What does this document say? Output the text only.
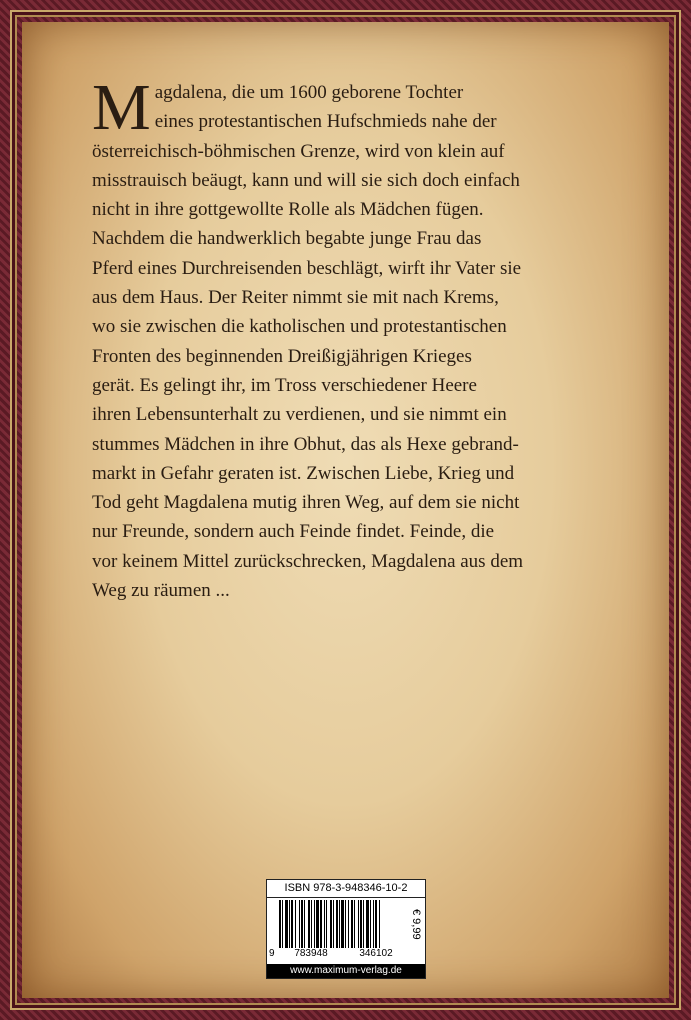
M agdalena, die um 1600 geborene Tochter
eines protestantischen Hufschmieds nahe der
österreichisch-böhmischen Grenze, wird von klein auf
misstrauisch beäugt, kann und will sie sich doch einfach
nicht in ihre gottgewollte Rolle als Mädchen fügen.
Nachdem die handwerklich begabte junge Frau das
Pferd eines Durchreisenden beschlägt, wirft ihr Vater sie
aus dem Haus. Der Reiter nimmt sie mit nach Krems,
wo sie zwischen die katholischen und protestantischen
Fronten des beginnenden Dreißigjährigen Krieges
gerät. Es gelingt ihr, im Tross verschiedener Heere
ihren Lebensunterhalt zu verdienen, und sie nimmt ein
stummes Mädchen in ihre Obhut, das als Hexe gebrand-
markt in Gefahr geraten ist. Zwischen Liebe, Krieg und
Tod geht Magdalena mutig ihren Weg, auf dem sie nicht
nur Freunde, sondern auch Feinde findet. Feinde, die
vor keinem Mittel zurückschrecken, Magdalena aus dem
Weg zu räumen ...
ISBN 978-3-948346-10-2
€ 9,99
9	783948	346102
www.maximum-verlag.de
